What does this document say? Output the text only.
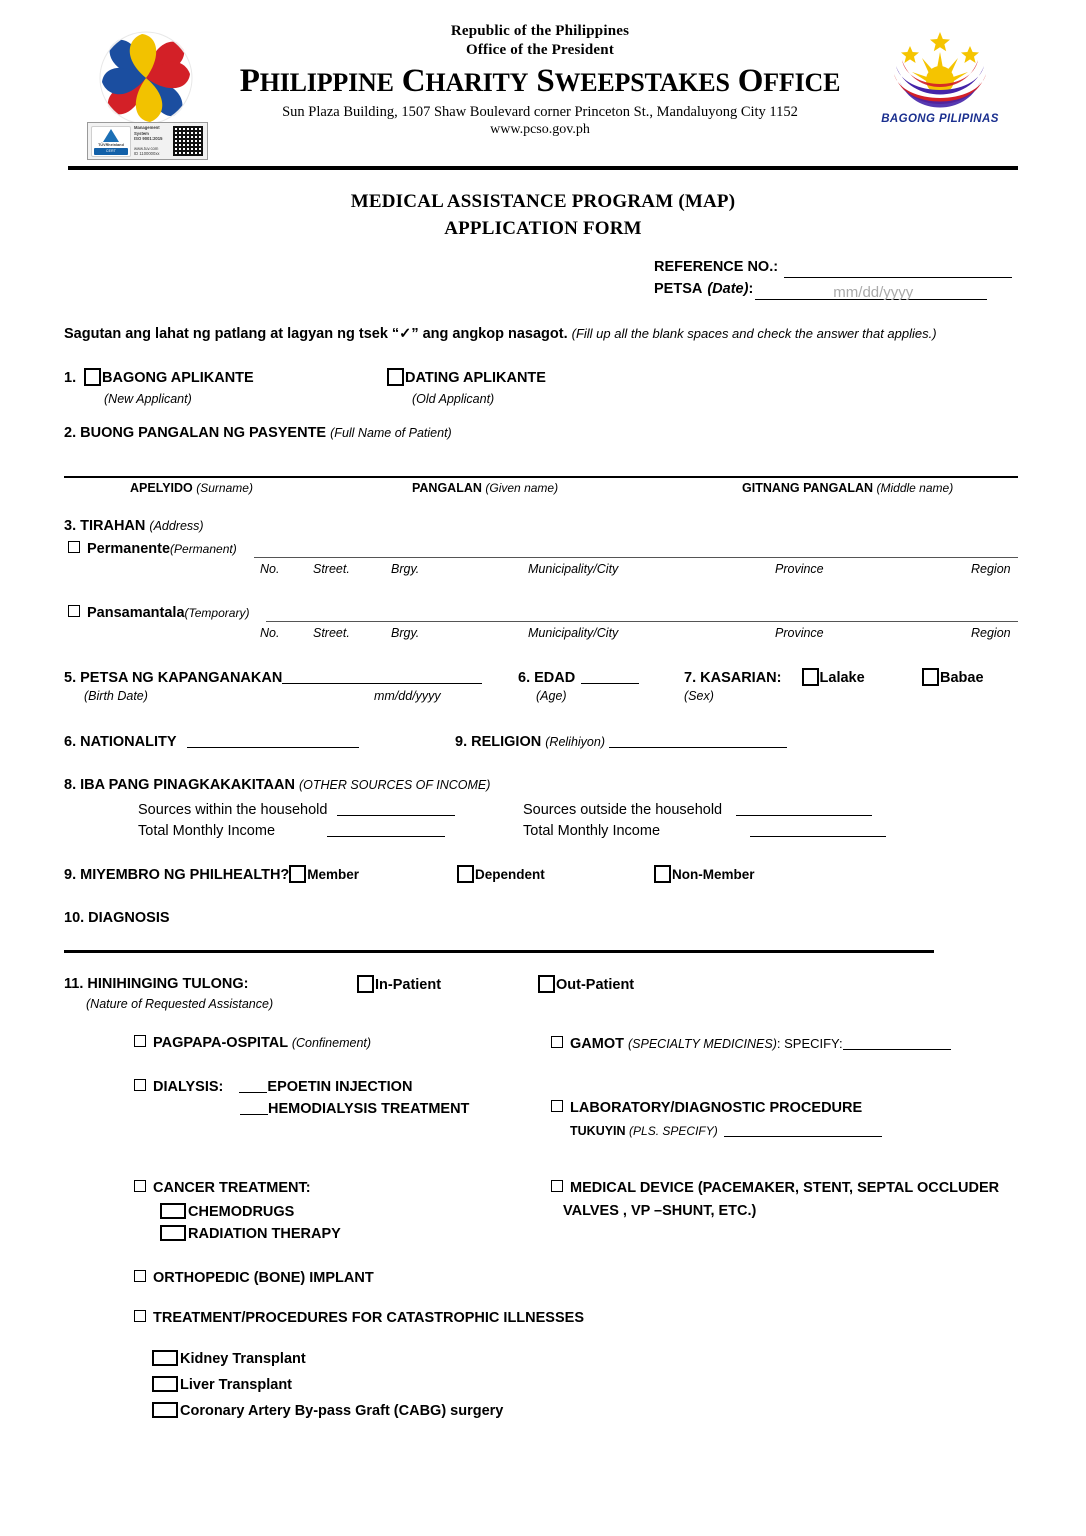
BAGONG PILIPINAS
Republic of the Philippines
Office of the President
PHILIPPINE CHARITY SWEEPSTAKES OFFICE
Sun Plaza Building, 1507 Shaw Boulevard corner Princeton St., Mandaluyong City 1152
www.pcso.gov.ph
TÜVRheinland
CERT
Management
System
ISO 9001:2015
www.tuv.com
ID 1100000xx
MEDICAL ASSISTANCE PROGRAM (MAP)
APPLICATION FORM
REFERENCE NO.:
PETSA (Date) :	mm/dd/yyyy
Sagutan ang lahat ng patlang at lagyan ng tsek “✓” ang angkop nasagot. (Fill up all the blank spaces and check the answer that applies.)
1.	BAGONG APLIKANTE
(New Applicant)
DATING APLIKANTE
(Old Applicant)
2. BUONG PANGALAN NG PASYENTE (Full Name of Patient)
APELYIDO (Surname)	PANGALAN (Given name)	GITNANG PANGALAN (Middle name)
3. TIRAHAN (Address)
Permanente(Permanent)
No.	Street.	Brgy.	Municipality/City	Province	Region
Pansamantala(Temporary)
No.	Street.	Brgy.	Municipality/City	Province	Region
5. PETSA NG KAPANGANAKAN
(Birth Date)	mm/dd/yyyy
6. EDAD
(Age)
7. KASARIAN:	Lalake	Babae
(Sex)
6. NATIONALITY	9. RELIGION (Relihiyon)
8. IBA PANG PINAGKAKAKITAAN (OTHER SOURCES OF INCOME)
Sources within the household
Total Monthly Income
Sources outside the household
Total Monthly Income
9. MIYEMBRO NG PHILHEALTH? Member	Dependent	Non-Member
10. DIAGNOSIS
11. HINIHINGING TULONG:
(Nature of Requested Assistance)
In-Patient	Out-Patient
PAGPAPA-OSPITAL (Confinement)
DIALYSIS:	EPOETIN INJECTION
HEMODIALYSIS TREATMENT
CANCER TREATMENT:
CHEMODRUGS
RADIATION THERAPY
ORTHOPEDIC (BONE) IMPLANT
TREATMENT/PROCEDURES FOR CATASTROPHIC ILLNESSES
Kidney Transplant
Liver Transplant
Coronary Artery By-pass Graft (CABG) surgery
GAMOT (SPECIALTY MEDICINES): SPECIFY:
LABORATORY/DIAGNOSTIC PROCEDURE
TUKUYIN (PLS. SPECIFY)
MEDICAL DEVICE (PACEMAKER, STENT, SEPTAL OCCLUDER
VALVES , VP –SHUNT, ETC.)
